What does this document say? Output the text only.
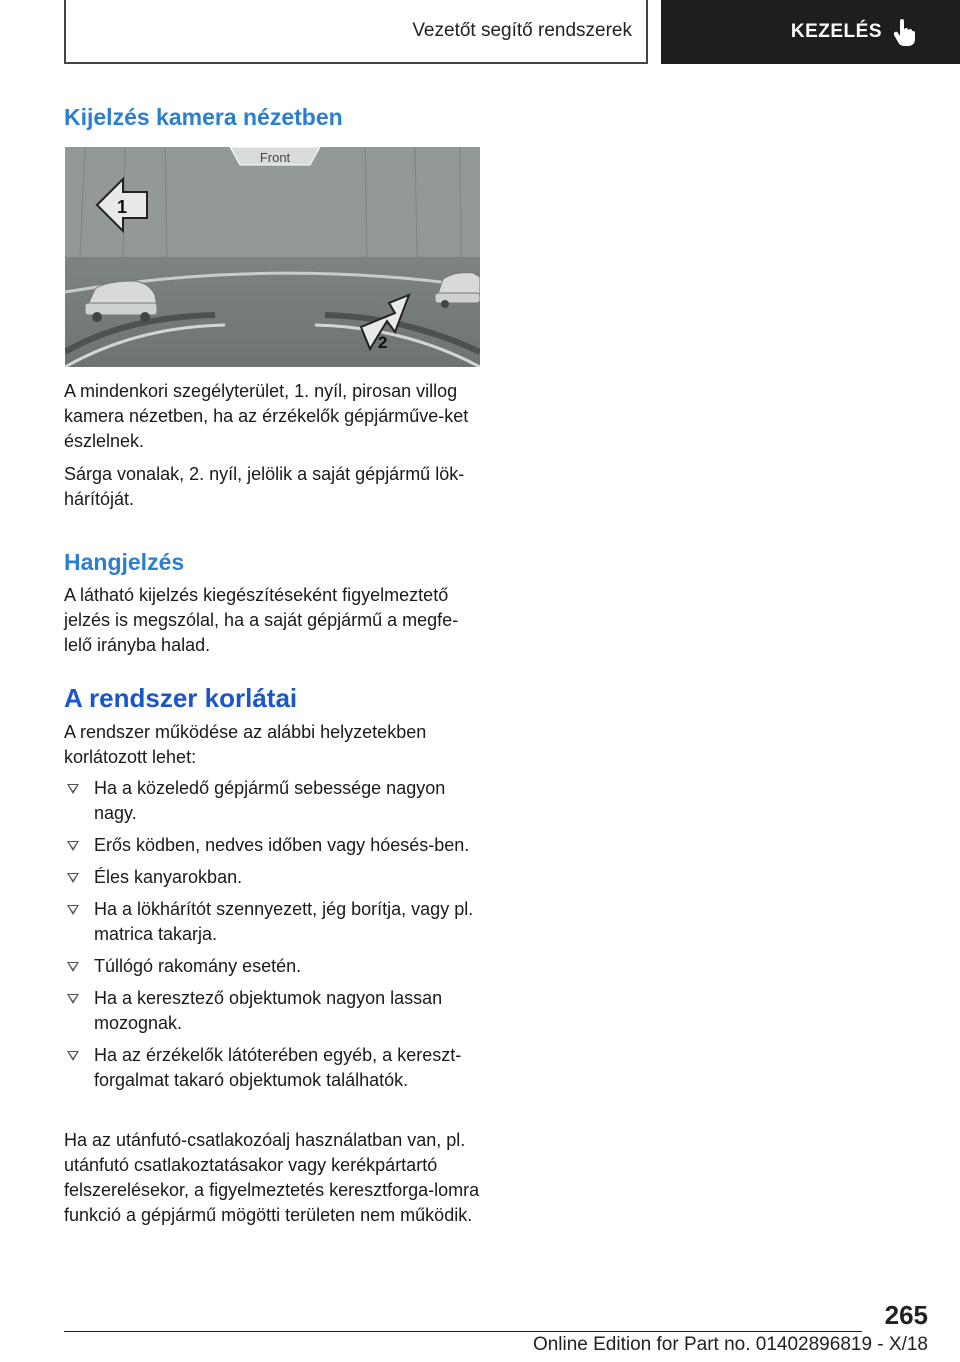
Vezetőt segítő rendszerek	KEZELÉS
Kijelzés kamera nézetben
Front
1
2

A mindenkori szegélyterület, 1. nyíl, pirosan villog kamera nézetben, ha az érzékelők gépjárműve-ket észlelnek.

Sárga vonalak, 2. nyíl, jelölik a saját gépjármű lök-hárítóját.

Hangjelzés

A látható kijelzés kiegészítéseként figyelmeztető jelzés is megszólal, ha a saját gépjármű a megfe-lelő irányba halad.

A rendszer korlátai

A rendszer működése az alábbi helyzetekben korlátozott lehet:

Ha a közeledő gépjármű sebessége nagyon nagy.
Erős ködben, nedves időben vagy hóesés-ben.
Éles kanyarokban.
Ha a lökhárítót szennyezett, jég borítja, vagy pl. matrica takarja.
Túllógó rakomány esetén.
Ha a keresztező objektumok nagyon lassan mozognak.
Ha az érzékelők látóterében egyéb, a kereszt-forgalmat takaró objektumok találhatók.

Ha az utánfutó-csatlakozóalj használatban van, pl. utánfutó csatlakoztatásakor vagy kerékpártartó felszerelésekor, a figyelmeztetés keresztforga-lomra funkció a gépjármű mögötti területen nem működik.

265
Online Edition for Part no. 01402896819 - X/18
